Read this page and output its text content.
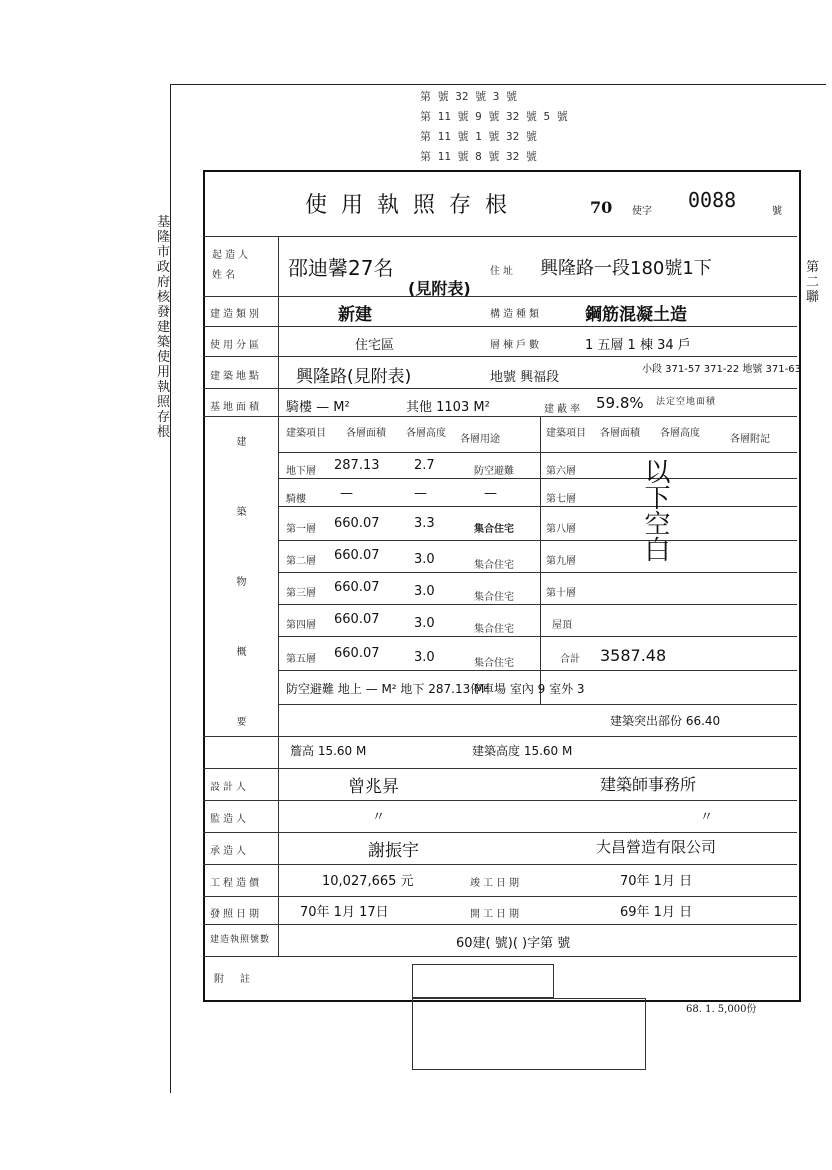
第 號 32 號 3 號
第 11 號 9 號 32 號 5 號
第 11 號 1 號 32 號
第 11 號 8 號 32 號
基隆市政府核發建築使用執照存根
第二聯
使用執照存根	70 使字 0088	號
起造人
姓名	邵迪馨27名
(見附表)
住址 興隆路一段180號1下
建造類別	新建	構造種類	鋼筋混凝土造
使用分區	住宅區	層棟戶數	1 五層 1 棟 34 戶
建築地點 興隆路(見附表)	地號 興福段
小段 371-57 371-22 地號 371-63
基地面積 騎樓 — M²	其他 1103 M²	建蔽率 59.8% 法定空地面積
建築物概要
建築項目 各層面積 各層高度
各層用途
建築項目 各層面積 各層高度
各層附記
地下層 287.13	2.7	防空避難	第六層
騎樓	—	—	—	第七層
第一層 660.07	3.3	集合住宅	第八層
第二層 660.07	3.0	集合住宅	第九層
第三層 660.07	3.0	集合住宅	第十層
第四層 660.07	3.0	集合住宅	屋頂
第五層 660.07	3.0	集合住宅	合計 3587.48
以下空白
防空避難 地上 — M² 地下 287.13 M²
停車場 室內 9 室外 3
建築突出部份 66.40
簷高 15.60 M	建築高度 15.60 M
設計人	曾兆昇	建築師事務所
監造人	〃	〃
承造人	謝振宇	大昌營造有限公司
工程造價	10,027,665 元	竣工日期	70年 1月 日
發照日期	70年 1月 17日	開工日期	69年 1月 日
建造執照號數	60建( 號)( )字第 號
附註
68. 1. 5,000份
